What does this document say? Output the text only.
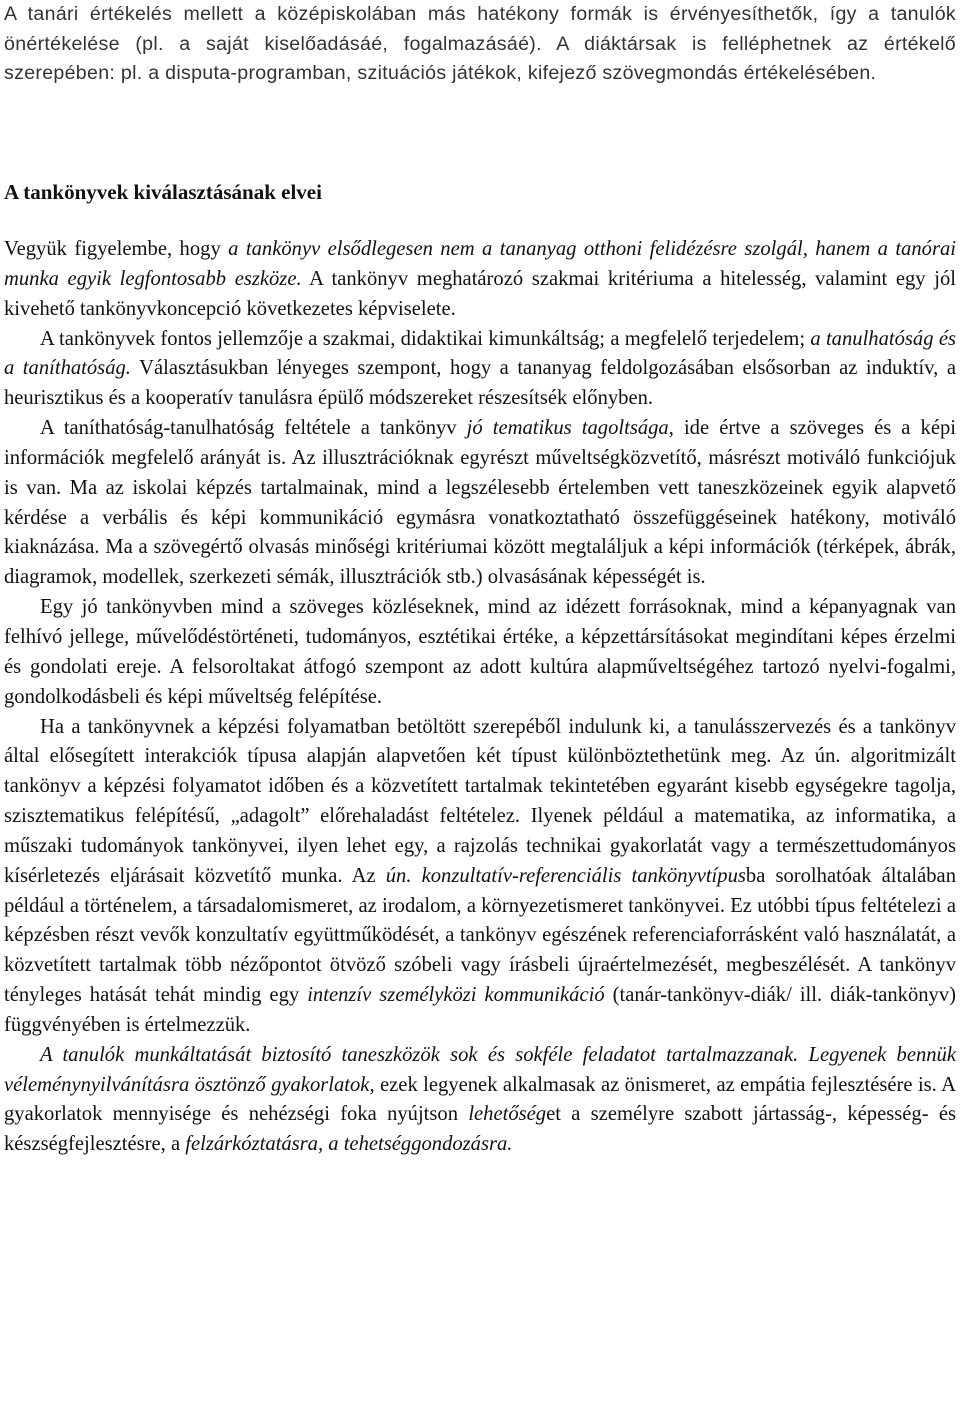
A tanári értékelés mellett a középiskolában más hatékony formák is érvényesíthetők, így a tanulók önértékelése (pl. a saját kiselőadásáé, fogalmazásáé). A diáktársak is felléphetnek az értékelő szerepében: pl. a disputa-programban, szituációs játékok, kifejező szövegmondás értékelésében.

A tankönyvek kiválasztásának elvei

Vegyük figyelembe, hogy a tankönyv elsődlegesen nem a tananyag otthoni felidézésre szolgál, hanem a tanórai munka egyik legfontosabb eszköze. A tankönyv meghatározó szakmai kritériuma a hitelesség, valamint egy jól kivehető tankönyvkoncepció következetes képviselete.

A tankönyvek fontos jellemzője a szakmai, didaktikai kimunkáltság; a megfelelő terjedelem; a tanulhatóság és a taníthatóság. Választásukban lényeges szempont, hogy a tananyag feldolgozásában elsősorban az induktív, a heurisztikus és a kooperatív tanulásra épülő módszereket részesítsék előnyben.

A taníthatóság-tanulhatóság feltétele a tankönyv jó tematikus tagoltsága, ide értve a szöveges és a képi információk megfelelő arányát is. Az illusztrációknak egyrészt műveltségközvetítő, másrészt motiváló funkciójuk is van. Ma az iskolai képzés tartalmainak, mind a legszélesebb értelemben vett taneszközeinek egyik alapvető kérdése a verbális és képi kommunikáció egymásra vonatkoztatható összefüggéseinek hatékony, motiváló kiaknázása. Ma a szövegértő olvasás minőségi kritériumai között megtaláljuk a képi információk (térképek, ábrák, diagramok, modellek, szerkezeti sémák, illusztrációk stb.) olvasásának képességét is.

Egy jó tankönyvben mind a szöveges közléseknek, mind az idézett forrásoknak, mind a képanyagnak van felhívó jellege, művelődéstörténeti, tudományos, esztétikai értéke, a képzettársításokat megindítani képes érzelmi és gondolati ereje. A felsoroltakat átfogó szempont az adott kultúra alapműveltségéhez tartozó nyelvi-fogalmi, gondolkodásbeli és képi műveltség felépítése.

Ha a tankönyvnek a képzési folyamatban betöltött szerepéből indulunk ki, a tanulásszervezés és a tankönyv által elősegített interakciók típusa alapján alapvetően két típust különböztethetünk meg. Az ún. algoritmizált tankönyv a képzési folyamatot időben és a közvetített tartalmak tekintetében egyaránt kisebb egységekre tagolja, szisztematikus felépítésű, „adagolt” előrehaladást feltételez. Ilyenek például a matematika, az informatika, a műszaki tudományok tankönyvei, ilyen lehet egy, a rajzolás technikai gyakorlatát vagy a természettudományos kísérletezés eljárásait közvetítő munka. Az ún. konzultatív-referenciális tankönyvtípusba sorolhatóak általában például a történelem, a társadalomismeret, az irodalom, a környezetismeret tankönyvei. Ez utóbbi típus feltételezi a képzésben részt vevők konzultatív együttműködését, a tankönyv egészének referenciaforrásként való használatát, a közvetített tartalmak több nézőpontot ötvöző szóbeli vagy írásbeli újraértelmezését, megbeszélését. A tankönyv tényleges hatását tehát mindig egy intenzív személyközi kommunikáció (tanár-tankönyv-diák/ ill. diák-tankönyv) függvényében is értelmezzük.

A tanulók munkáltatását biztosító taneszközök sok és sokféle feladatot tartalmazzanak. Legyenek bennük véleménynyilvánításra ösztönző gyakorlatok, ezek legyenek alkalmasak az önismeret, az empátia fejlesztésére is. A gyakorlatok mennyisége és nehézségi foka nyújtson lehetőséget a személyre szabott jártasság-, képesség- és készségfejlesztésre, a felzárkóztatásra, a tehetséggondozásra.
